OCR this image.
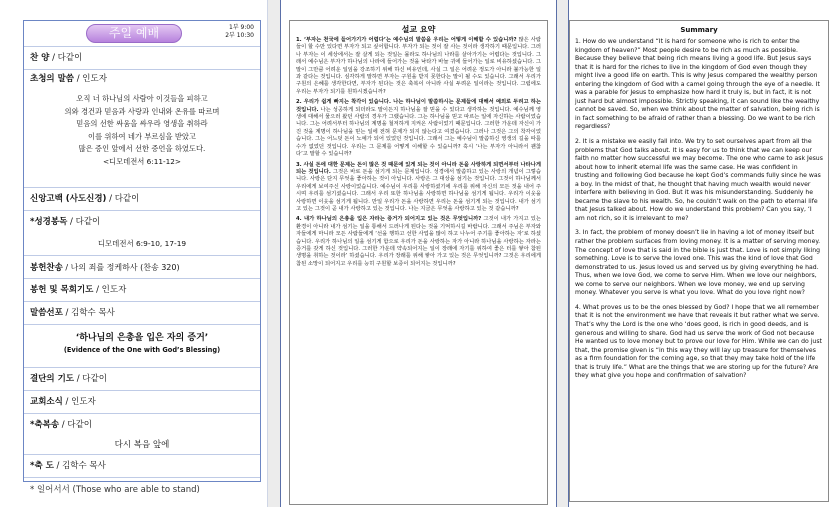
주일 예배	1부 9:00
2부 10:30
찬 양 / 다같이
초청의 말씀 / 인도자
오직 너 하나님의 사람아 이것들을 피하고
의와 경건과 믿음과 사랑과 인내와 온유를 따르며
믿음의 선한 싸움을 싸우라 영생을 취하라
이를 위하여 네가 부르심을 받았고
많은 증인 앞에서 선한 증언을 하였도다.
<디모데전서 6:11-12>
신앙고백 (사도신경) / 다같이
*성경봉독 / 다같이
디모데전서 6:9-10, 17-19
봉헌찬송 / 나의 죄를 정케하사 (찬송 320)
봉헌 및 목회기도 / 인도자
말씀선포 / 김학수 목사
‘하나님의 은총을 입은 자의 증거’
(Evidence of the One with God’s Blessing)
결단의 기도 / 다같이
교회소식 / 인도자
*축복송 / 다같이
다시 복음 앞에
*축 도 / 김학수 목사
* 일어서서 (Those who are able to stand)
설교 요약

1. ‘부자는 천국에 들어가기가 어렵다’는 예수님의 말씀을 우리는 어떻게 이해할 수 있습니까? 많은 사람들이 할 수만 있다면 부자가 되고 싶어합니다. 부자가 되는 것이 잘 사는 것이라 생각하기 때문입니다. 그러나 부자는 이 세상에서는 잘 살게 되는 것일는 몰라도 하나님의 나라를 살아가기는 어렵다는 것입니다. 그래서 예수님은 부자가 하나님의 나라에 들어가는 것을 낙타가 바늘 귀에 들어가는 일로 비유하셨습니다. 그 말이 그만큼 어려운 일임을 강조하기 위해 하신 비유인데, 사실 그 일은 어려운 정도가 아니라 불가능한 일과 같다는 것입니다. 심각하게 말하면 부자는 구원을 받지 못한다는 말이 될 수도 있습니다. 그래서 우리가 구원의 은혜를 생각한다면, 부자가 된다는 것은 축복이 아니라 사실 두려운 일이라는 것입니다. 그럼에도 우리는 부자가 되기를 원하시겠습니까?

2. 우리가 쉽게 빠지는 착각이 있습니다. 나는 하나님이 말씀하시는 문제들에 대해서 예외로 두려고 하는 것입니다. 나는 성공하게 되더라도 말이든지 하나님을 잘 믿을 수 있다고 생각하는 것입니다. 예수님께 영생에 대해서 물으러 왔던 사람의 경우가 그랬습니다. 그는 하나님을 믿고 따르는 일에 자신하는 사람이었습니다. 그는 어려서부터 하나님의 계명을 철저하게 지켜온 사람이었기 때문입니다. 그러한 가운데 자신이 가진 것을 계명이 하나님을 믿는 일에 전혀 문제가 되지 않는다고 여겼습니다. 그러나 그것은 그의 착각이었습니다. 그는 어느덧 돈이 노예가 되어 있었던 것입니다. 그래서 그는 예수님이 말씀하신 영생의 길을 따를 수가 없었던 것입니다. 우리는 그 문제를 어떻게 이해할 수 있습니까? 혹시 ‘나는 부자가 아니라서 괜찮다’고 말할 수 있습니까?

3. 사실 돈에 대한 문제는 돈이 많은 것 때문에 있게 되는 것이 아니라 돈을 사랑하게 되면서부터 나타나게 되는 것입니다. 그것은 바로 돈을 섬기게 되는 문제입니다. 성경에서 말씀하고 있는 사랑의 개념이 그렇습니다. 사랑은 단지 무엇을 좋아하는 것이 아닙니다. 사랑은 그 대상을 섬기는 것입니다. 그것이 하나님께서 우리에게 보여주신 사랑이었습니다. 예수님이 우리를 사랑하셨기에 우리를 위해 자신의 모든 것을 내어 주시며 우리를 섬기셨습니다. 그래서 우리 또한 하나님을 사랑하면 하나님을 섬기게 됩니다. 우리가 이웃을 사랑하면 이웃을 섬기게 됩니다. 만일 우리가 돈을 사랑하면 우리는 돈을 섬기게 되는 것입니다. 내가 섬기고 있는 그것이 곧 내가 사랑하고 있는 것입니다. 나는 지금은 무엇을 사랑하고 있는 것 같습니까?

4. 내가 하나님의 은총을 입은 자라는 증거가 되어지고 있는 것은 무엇입니까? 그것이 내가 가지고 있는 환경이 아니라 내가 섬기는 일을 통해서 드러나게 된다는 것을 기억하시길 바랍니다. 그래서 주님은 부자와 자들에게 마니라 모든 사람들에게 ‘선을 행하고 선한 사업을 많이 하고 나누어 주기를 좋아하는 자’로 하셨습니다. 우리가 하나님의 일을 섬기게 함으로 우리가 돈을 사랑하는 자가 아니라 하나님을 사랑하는 자라는 증거를 갖게 하신 것입니다. 그러한 가운데 약속되어지는 일이 장래에 자기를 위하여 좋은 터를 쌓아 참된 생명을 취하는 것이라’ 하셨습니다. 우리가 장래를 위해 쌓아 가고 있는 것은 무엇입니까? 그것은 우리에게 참된 소망이 되어지고 우리를 능히 구원할 보증이 되어지는 것입니까?

Summary

1. How do we understand “It is hard for someone who is rich to enter the kingdom of heaven?” Most people desire to be rich as much as possible. Because they believe that being rich means living a good life. But Jesus says that it is hard for the riches to live in the kingdom of God even though they might live a good life on earth. This is why Jesus compared the wealthy person entering the kingdom of God with a camel going through the eye of a needle. It was a parable for Jesus to emphasize how hard it truly is, but in fact, it is not just hard but almost impossible. Strictly speaking, it can sound like the wealthy cannot be saved. So, when we think about the matter of salvation, being rich is in fact something to be afraid of rather than a blessing. Do we want to be rich regardless?

2. It is a mistake we easily fall into. We try to set ourselves apart from all the problems that God talks about. It is easy for us to think that we can keep our faith no matter how successful we may become. The one who came to ask Jesus about how to inherit eternal life was the same case. He was confident in trusting and following God because he kept God’s commands fully since he was a boy. In the midst of that, he thought that having much wealth would never interfere with believing in God. But it was his misunderstanding. Suddenly he became the slave to his wealth. So, he couldn’t walk on the path to eternal life that Jesus talked about. How do we understand this problem? Can you say, ‘I am not rich, so it is irrelevant to me?

3. In fact, the problem of money doesn’t lie in having a lot of money itself but rather the problem surfaces from loving money. It is a matter of serving money. The concept of love that is said in the bible is just that. Love is not simply liking something. Love is to serve the loved one. This was the kind of love that God demonstrated to us. Jesus loved us and served us by giving everything he had. Thus, when we love God, we come to serve Him. When we love our neighbors, we come to serve our neighbors. When we love money, we end up serving money. Whatever you serve is what you love. What do you love right now?

4. What proves us to be the ones blessed by God? I hope that we all remember that it is not the environment we have that reveals it but rather what we serve. That’s why the Lord is the one who ‘does good, is rich in good deeds, and is generous and willing to share. God had us serve the work of God not because He wanted us to love money but to prove our love for Him. While we can do just that, the promise given is “in this way they will lay up treasure for themselves as a firm foundation for the coming age, so that they may take hold of the life that is truly life.” What are the things that we are storing up for the future? Are they what give you hope and confirmation of salvation?
